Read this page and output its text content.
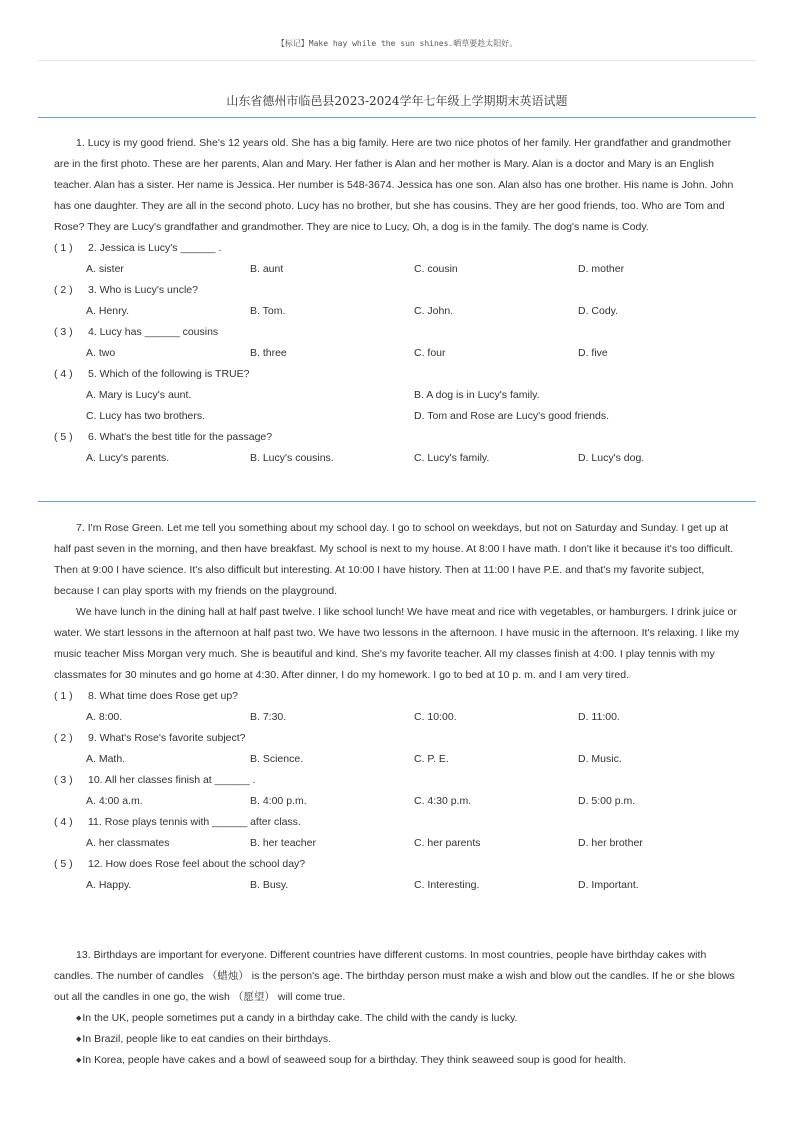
【标记】Make hay while the sun shines.晒草要趁太阳好。
山东省德州市临邑县2023-2024学年七年级上学期期末英语试题

1. Lucy is my good friend. She's 12 years old. She has a big family. Here are two nice photos of her family. Her grandfather and grandmother are in the first photo. These are her parents, Alan and Mary. Her father is Alan and her mother is Mary. Alan is a doctor and Mary is an English teacher. Alan has a sister. Her name is Jessica. Her number is 548-3674. Jessica has one son. Alan also has one brother. His name is John. John has one daughter. They are all in the second photo. Lucy has no brother, but she has cousins. They are her good friends, too. Who are Tom and Rose? They are Lucy's grandfather and grandmother. They are nice to Lucy, Oh, a dog is in the family. The dog's name is Cody.

( 1 ) 2. Jessica is Lucy's ______ .
A. sister	B. aunt	C. cousin	D. mother
( 2 ) 3. Who is Lucy's uncle?
A. Henry.	B. Tom.	C. John.	D. Cody.
( 3 ) 4. Lucy has ______ cousins
A. two	B. three	C. four	D. five
( 4 ) 5. Which of the following is TRUE?
A. Mary is Lucy's aunt.	B. A dog is in Lucy's family.
C. Lucy has two brothers.	D. Tom and Rose are Lucy's good friends.
( 5 ) 6. What's the best title for the passage?
A. Lucy's parents.	B. Lucy's cousins.	C. Lucy's family.	D. Lucy's dog.

7. I'm Rose Green. Let me tell you something about my school day. I go to school on weekdays, but not on Saturday and Sunday. I get up at half past seven in the morning, and then have breakfast. My school is next to my house. At 8:00 I have math. I don't like it because it's too difficult. Then at 9:00 I have science. It's also difficult but interesting. At 10:00 I have history. Then at 11:00 I have P.E. and that's my favorite subject, because I can play sports with my friends on the playground.

We have lunch in the dining hall at half past twelve. I like school lunch! We have meat and rice with vegetables, or hamburgers. I drink juice or water. We start lessons in the afternoon at half past two. We have two lessons in the afternoon. I have music in the afternoon. It's relaxing. I like my music teacher Miss Morgan very much. She is beautiful and kind. She's my favorite teacher. All my classes finish at 4:00. I play tennis with my classmates for 30 minutes and go home at 4:30. After dinner, I do my homework. I go to bed at 10 p. m. and I am very tired.

( 1 ) 8. What time does Rose get up?
A. 8:00.	B. 7:30.	C. 10:00.	D. 11:00.
( 2 ) 9. What's Rose's favorite subject?
A. Math.	B. Science.	C. P. E.	D. Music.
( 3 ) 10. All her classes finish at ______ .
A. 4:00 a.m.	B. 4:00 p.m.	C. 4:30 p.m.	D. 5:00 p.m.
( 4 ) 11. Rose plays tennis with ______ after class.
A. her classmates	B. her teacher	C. her parents	D. her brother
( 5 ) 12. How does Rose feel about the school day?
A. Happy.	B. Busy.	C. Interesting.	D. Important.

13. Birthdays are important for everyone. Different countries have different customs. In most countries, people have birthday cakes with candles. The number of candles （蜡烛） is the person's age. The birthday person must make a wish and blow out the candles. If he or she blows out all the candles in one go, the wish （愿望） will come true.

◆In the UK, people sometimes put a candy in a birthday cake. The child with the candy is lucky.
◆In Brazil, people like to eat candies on their birthdays.
◆In Korea, people have cakes and a bowl of seaweed soup for a birthday. They think seaweed soup is good for health.
